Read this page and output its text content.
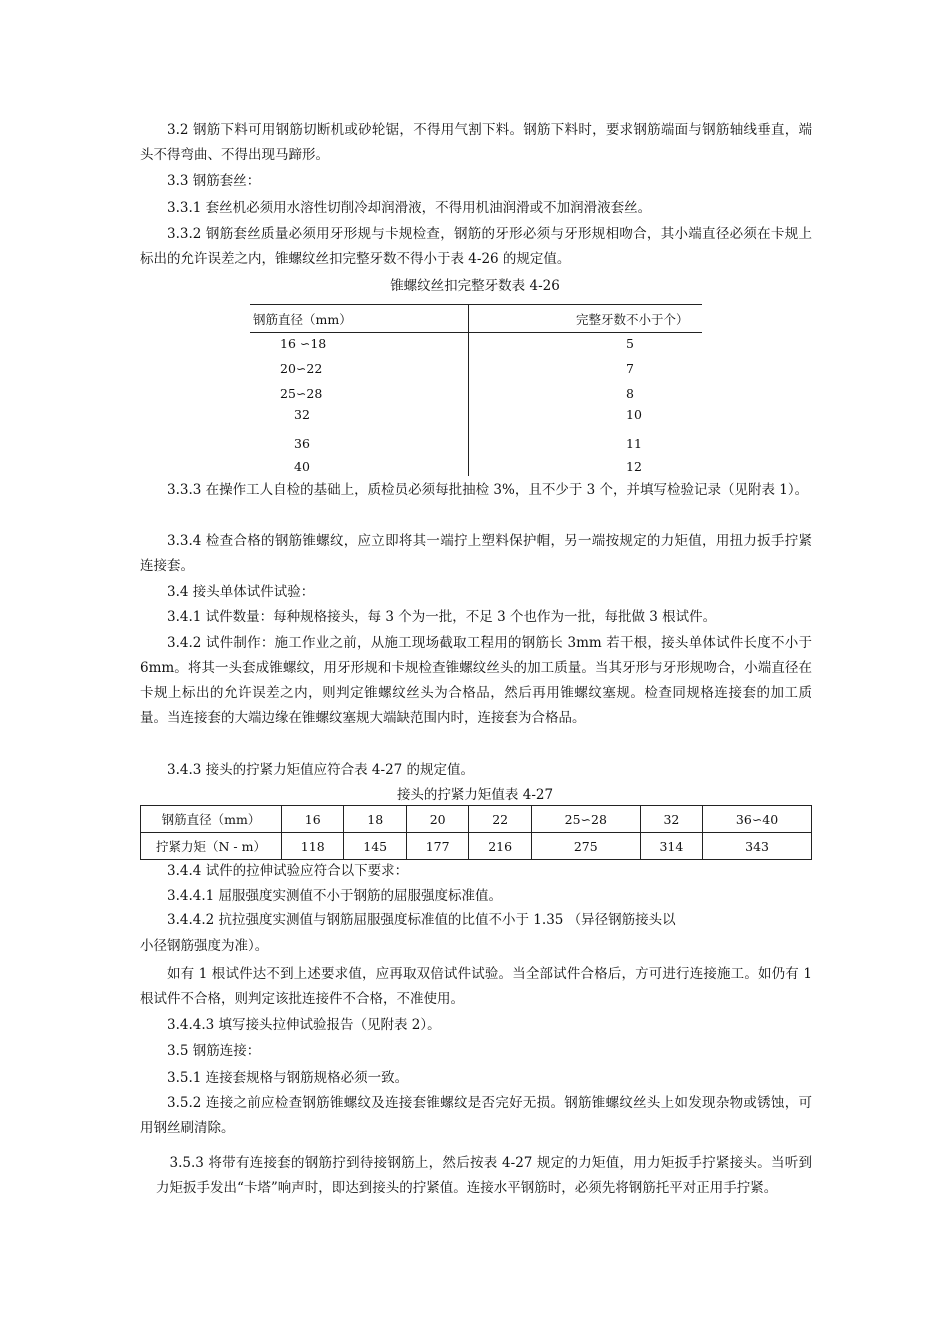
3.2 钢筋下料可用钢筋切断机或砂轮锯，不得用气割下料。钢筋下料时，要求钢筋端面与钢筋轴线垂直，端头不得弯曲、不得出现马蹄形。

3.3 钢筋套丝：

3.3.1 套丝机必须用水溶性切削冷却润滑液，不得用机油润滑或不加润滑液套丝。

3.3.2 钢筋套丝质量必须用牙形规与卡规检查，钢筋的牙形必须与牙形规相吻合，其小端直径必须在卡规上标出的允许误差之内，锥螺纹丝扣完整牙数不得小于表 4-26 的规定值。

锥螺纹丝扣完整牙数表 4-26

钢筋直径（mm）	完整牙数不小于个）
16 ∽18	5
20∽22	7
25∽28	8
32	10
36	11
40	12

3.3.3 在操作工人自检的基础上，质检员必须每批抽检 3%，且不少于 3 个，并填写检验记录（见附表 1）。

3.3.4 检查合格的钢筋锥螺纹，应立即将其一端拧上塑料保护帽，另一端按规定的力矩值，用扭力扳手拧紧连接套。

3.4 接头单体试件试验：

3.4.1 试件数量：每种规格接头，每 3 个为一批，不足 3 个也作为一批，每批做 3 根试件。

3.4.2 试件制作：施工作业之前，从施工现场截取工程用的钢筋长 3mm 若干根，接头单体试件长度不小于 6mm。将其一头套成锥螺纹，用牙形规和卡规检查锥螺纹丝头的加工质量。当其牙形与牙形规吻合，小端直径在卡规上标出的允许误差之内，则判定锥螺纹丝头为合格品，然后再用锥螺纹塞规。检查同规格连接套的加工质量。当连接套的大端边缘在锥螺纹塞规大端缺范围内时，连接套为合格品。

3.4.3 接头的拧紧力矩值应符合表 4-27 的规定值。

接头的拧紧力矩值表 4-27

钢筋直径（mm）	16	18	20	22	25∽28	32	36∽40
拧紧力矩（N - m）	118	145	177	216	275	314	343

3.4.4 试件的拉伸试验应符合以下要求：

3.4.4.1 屈服强度实测值不小于钢筋的屈服强度标准值。

3.4.4.2 抗拉强度实测值与钢筋屈服强度标准值的比值不小于 1.35 （异径钢筋接头以

小径钢筋强度为准）。

如有 1 根试件达不到上述要求值，应再取双倍试件试验。当全部试件合格后，方可进行连接施工。如仍有 1 根试件不合格，则判定该批连接件不合格，不准使用。

3.4.4.3 填写接头拉伸试验报告（见附表 2）。

3.5 钢筋连接：

3.5.1 连接套规格与钢筋规格必须一致。

3.5.2 连接之前应检查钢筋锥螺纹及连接套锥螺纹是否完好无损。钢筋锥螺纹丝头上如发现杂物或锈蚀，可用钢丝刷清除。

3.5.3 将带有连接套的钢筋拧到待接钢筋上，然后按表 4-27 规定的力矩值，用力矩扳手拧紧接头。当听到力矩扳手发出“卡塔”响声时，即达到接头的拧紧值。连接水平钢筋时，必须先将钢筋托平对正用手拧紧。
